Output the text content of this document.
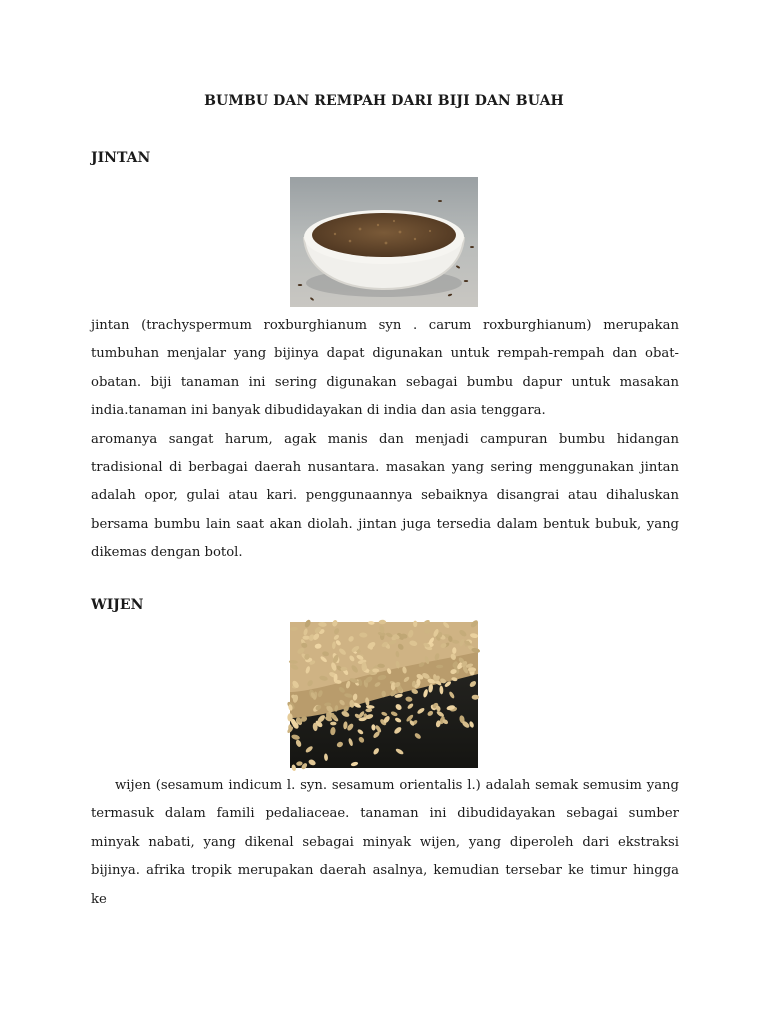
BUMBU DAN REMPAH DARI BIJI DAN BUAH
JINTAN
jintan (trachyspermum roxburghianum syn . carum roxburghianum) merupakan
tumbuhan menjalar yang bijinya dapat digunakan untuk rempah-rempah dan obat-
obatan. biji tanaman ini sering digunakan sebagai bumbu dapur untuk masakan
india.tanaman ini banyak dibudidayakan di india dan asia tenggara.
aromanya sangat harum, agak manis dan menjadi campuran bumbu hidangan
tradisional di berbagai daerah nusantara. masakan yang sering menggunakan jintan
adalah opor, gulai atau kari. penggunaannya sebaiknya disangrai atau dihaluskan
bersama bumbu lain saat akan diolah. jintan juga tersedia dalam bentuk bubuk, yang
dikemas dengan botol.
WIJEN
wijen (sesamum indicum l. syn. sesamum orientalis l.) adalah semak semusim yang
termasuk dalam famili pedaliaceae. tanaman ini dibudidayakan sebagai sumber
minyak nabati, yang dikenal sebagai minyak wijen, yang diperoleh dari ekstraksi
bijinya. afrika tropik merupakan daerah asalnya, kemudian tersebar ke timur hingga ke
